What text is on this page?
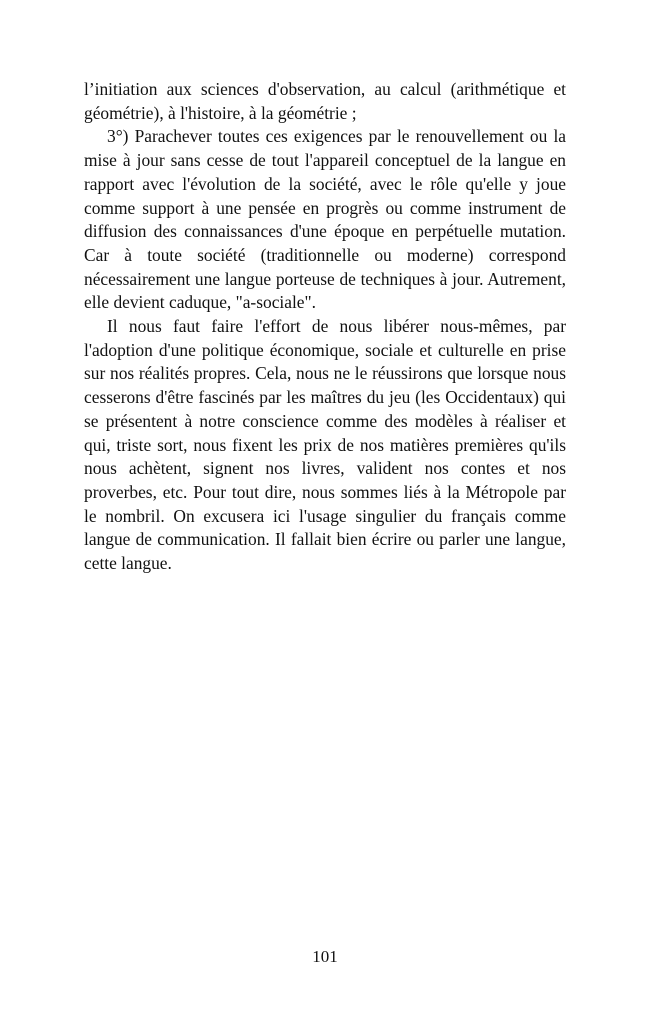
l’initiation aux sciences d'observation, au calcul (arithmétique et géométrie), à l'histoire, à la géométrie ;

3°) Parachever toutes ces exigences par le renouvellement ou la mise à jour sans cesse de tout l'appareil conceptuel de la langue en rapport avec l'évolution de la société, avec le rôle qu'elle y joue comme support à une pensée en progrès ou comme instrument de diffusion des connaissances d'une époque en perpétuelle mutation. Car à toute société (traditionnelle ou moderne) correspond nécessairement une langue porteuse de techniques à jour. Autrement, elle devient caduque, "a-sociale".

Il nous faut faire l'effort de nous libérer nous-mêmes, par l'adoption d'une politique économique, sociale et culturelle en prise sur nos réalités propres. Cela, nous ne le réussirons que lorsque nous cesserons d'être fascinés par les maîtres du jeu (les Occidentaux) qui se présentent à notre conscience comme des modèles à réaliser et qui, triste sort, nous fixent les prix de nos matières premières qu'ils nous achètent, signent nos livres, valident nos contes et nos proverbes, etc. Pour tout dire, nous sommes liés à la Métropole par le nombril. On excusera ici l'usage singulier du français comme langue de communication. Il fallait bien écrire ou parler une langue, cette langue.

101
